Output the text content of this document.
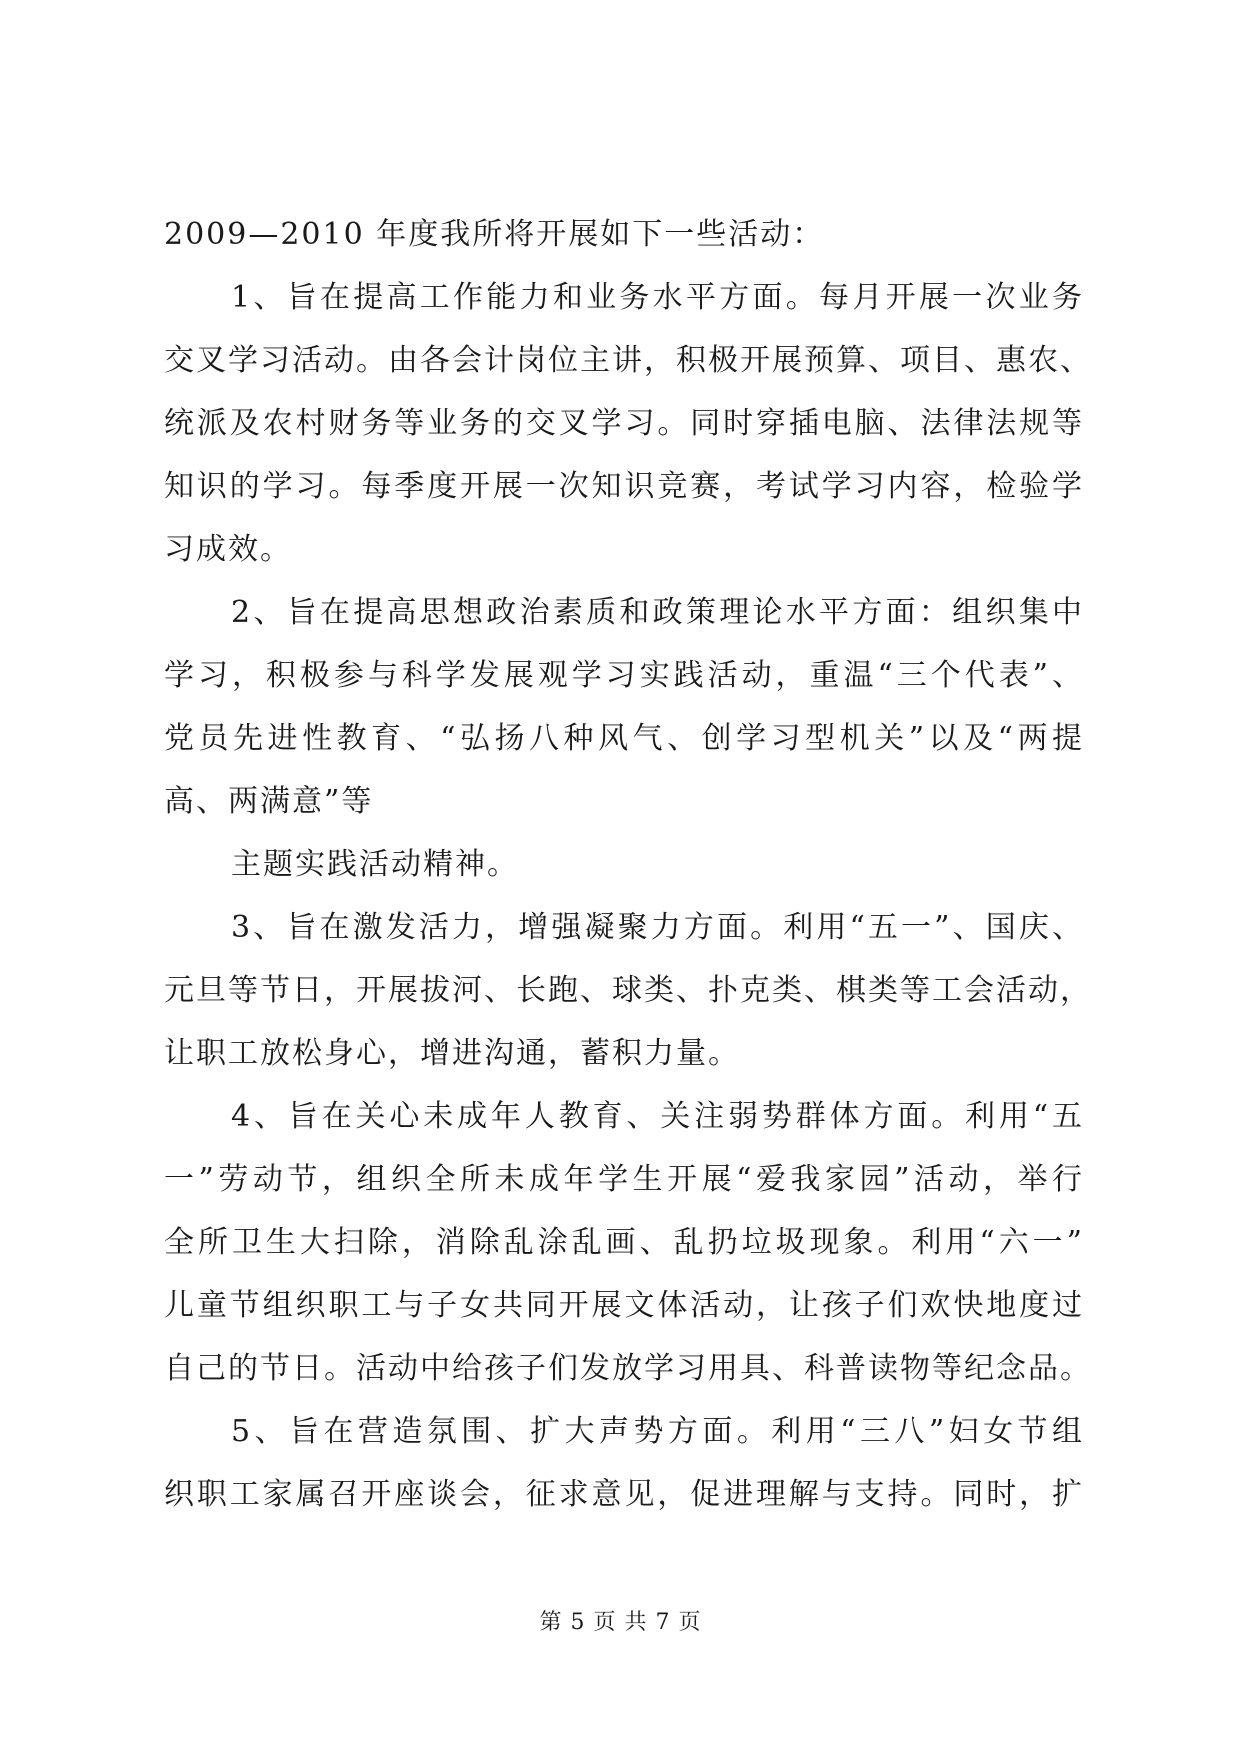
2009—2010 年度我所将开展如下一些活动：
1、旨在提高工作能力和业务水平方面。每月开展一次业务
交叉学习活动。由各会计岗位主讲，积极开展预算、项目、惠农、
统派及农村财务等业务的交叉学习。同时穿插电脑、法律法规等
知识的学习。每季度开展一次知识竞赛，考试学习内容，检验学
习成效。
2、旨在提高思想政治素质和政策理论水平方面：组织集中
学习，积极参与科学发展观学习实践活动，重温“三个代表”、
党员先进性教育、“弘扬八种风气、创学习型机关”以及“两提
高、两满意”等
主题实践活动精神。
3、旨在激发活力，增强凝聚力方面。利用“五一”、国庆、
元旦等节日，开展拔河、长跑、球类、扑克类、棋类等工会活动，
让职工放松身心，增进沟通，蓄积力量。
4、旨在关心未成年人教育、关注弱势群体方面。利用“五
一”劳动节，组织全所未成年学生开展“爱我家园”活动，举行
全所卫生大扫除，消除乱涂乱画、乱扔垃圾现象。利用“六一”
儿童节组织职工与子女共同开展文体活动，让孩子们欢快地度过
自己的节日。活动中给孩子们发放学习用具、科普读物等纪念品。
5、旨在营造氛围、扩大声势方面。利用“三八”妇女节组
织职工家属召开座谈会，征求意见，促进理解与支持。同时，扩
第 5 页 共 7 页
